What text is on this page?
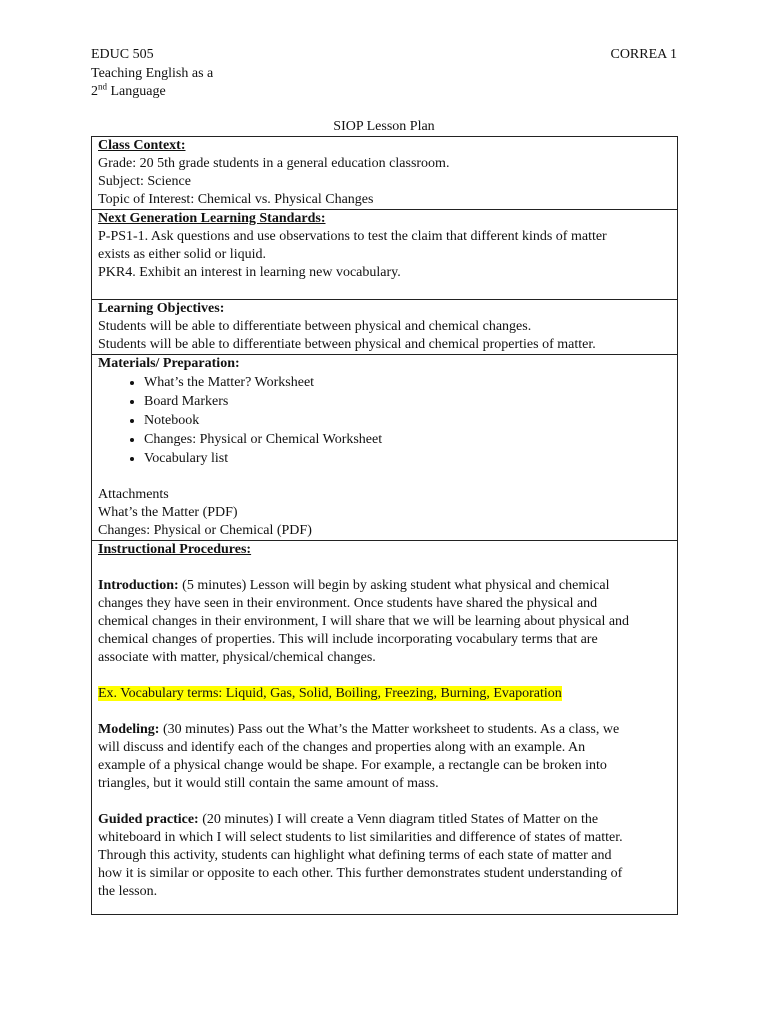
EDUC 505
Teaching English as a
2nd Language
CORREA 1
SIOP Lesson Plan
Class Context:
Grade: 20 5th grade students in a general education classroom.
Subject: Science
Topic of Interest: Chemical vs. Physical Changes

Next Generation Learning Standards:
P-PS1-1. Ask questions and use observations to test the claim that different kinds of matter
exists as either solid or liquid.
PKR4. Exhibit an interest in learning new vocabulary.

Learning Objectives:
Students will be able to differentiate between physical and chemical changes.
Students will be able to differentiate between physical and chemical properties of matter.

Materials/ Preparation:
• What’s the Matter? Worksheet
• Board Markers
• Notebook
• Changes: Physical or Chemical Worksheet
• Vocabulary list
Attachments
What’s the Matter (PDF)
Changes: Physical or Chemical (PDF)

Instructional Procedures:

Introduction: (5 minutes) Lesson will begin by asking student what physical and chemical
changes they have seen in their environment. Once students have shared the physical and
chemical changes in their environment, I will share that we will be learning about physical and
chemical changes of properties. This will include incorporating vocabulary terms that are
associate with matter, physical/chemical changes.

Ex. Vocabulary terms: Liquid, Gas, Solid, Boiling, Freezing, Burning, Evaporation

Modeling: (30 minutes) Pass out the What’s the Matter worksheet to students. As a class, we
will discuss and identify each of the changes and properties along with an example. An
example of a physical change would be shape. For example, a rectangle can be broken into
triangles, but it would still contain the same amount of mass.

Guided practice: (20 minutes) I will create a Venn diagram titled States of Matter on the
whiteboard in which I will select students to list similarities and difference of states of matter.
Through this activity, students can highlight what defining terms of each state of matter and
how it is similar or opposite to each other. This further demonstrates student understanding of
the lesson.
